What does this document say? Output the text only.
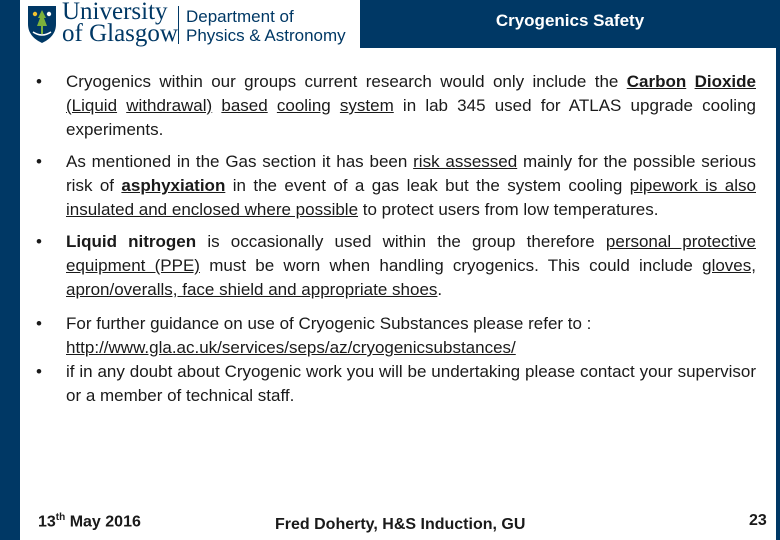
Cryogenics Safety
University
of Glasgow
Department of
Physics & Astronomy
• Cryogenics within our groups current research would only include the Carbon Dioxide (Liquid withdrawal) based cooling system in lab 345 used for ATLAS upgrade cooling experiments.
• As mentioned in the Gas section it has been risk assessed mainly for the possible serious risk of asphyxiation in the event of a gas leak but the system cooling pipework is also insulated and enclosed where possible to protect users from low temperatures.
• Liquid nitrogen is occasionally used within the group therefore personal protective equipment (PPE) must be worn when handling cryogenics. This could include gloves, apron/overalls, face shield and appropriate shoes.
• For further guidance on use of Cryogenic Substances please refer to :
http://www.gla.ac.uk/services/seps/az/cryogenicsubstances/
• if in any doubt about Cryogenic work you will be undertaking please contact your supervisor or a member of technical staff.
13th May 2016	Fred Doherty, H&S Induction, GU	23
